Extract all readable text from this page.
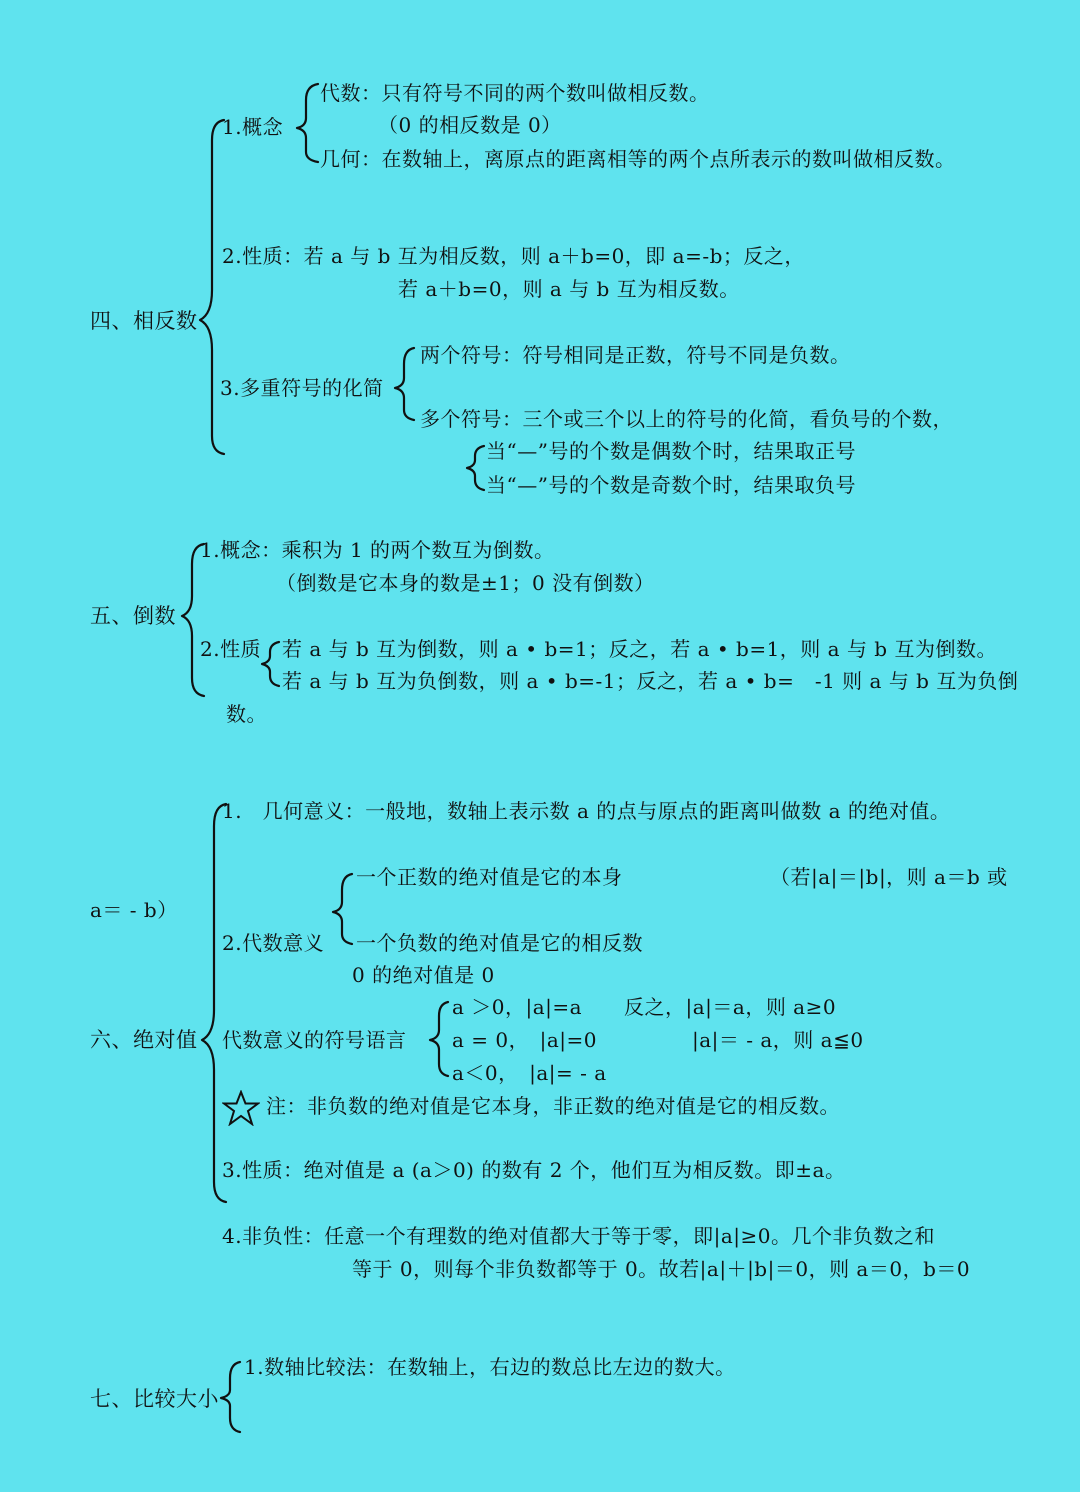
四、相反数
1.概念
代数：只有符号不同的两个数叫做相反数。
（0 的相反数是 0）
几何：在数轴上，离原点的距离相等的两个点所表示的数叫做相反数。
2.性质：若 a 与 b 互为相反数，则 a＋b=0，即 a=-b；反之，
若 a＋b=0，则 a 与 b 互为相反数。
3.多重符号的化简
两个符号：符号相同是正数，符号不同是负数。
多个符号：三个或三个以上的符号的化简，看负号的个数，
当“—”号的个数是偶数个时，结果取正号
当“—”号的个数是奇数个时，结果取负号
五、倒数
1.概念：乘积为 1 的两个数互为倒数。
（倒数是它本身的数是±1；0 没有倒数）
2.性质 若 a 与 b 互为倒数，则 a • b=1；反之，若 a • b=1，则 a 与 b 互为倒数。
若 a 与 b 互为负倒数，则 a • b=-1；反之，若 a • b=　-1 则 a 与 b 互为负倒
数。
六、绝对值
1.　几何意义：一般地，数轴上表示数 a 的点与原点的距离叫做数 a 的绝对值。
一个正数的绝对值是它的本身	（若|a|＝|b|，则 a＝b 或
a＝ - b）
2.代数意义 一个负数的绝对值是它的相反数
0 的绝对值是 0
代数意义的符号语言
a ＞0，|a|=a
a = 0，　|a|=0
a＜0，　|a|= - a
反之，|a|＝a，则 a≥0
|a|＝ - a，则 a≦0
注：非负数的绝对值是它本身，非正数的绝对值是它的相反数。
3.性质：绝对值是 a (a＞0) 的数有 2 个，他们互为相反数。即±a。
4.非负性：任意一个有理数的绝对值都大于等于零，即|a|≥0。几个非负数之和
等于 0，则每个非负数都等于 0。故若|a|＋|b|＝0，则 a＝0，b＝0
七、比较大小
1.数轴比较法：在数轴上，右边的数总比左边的数大。
